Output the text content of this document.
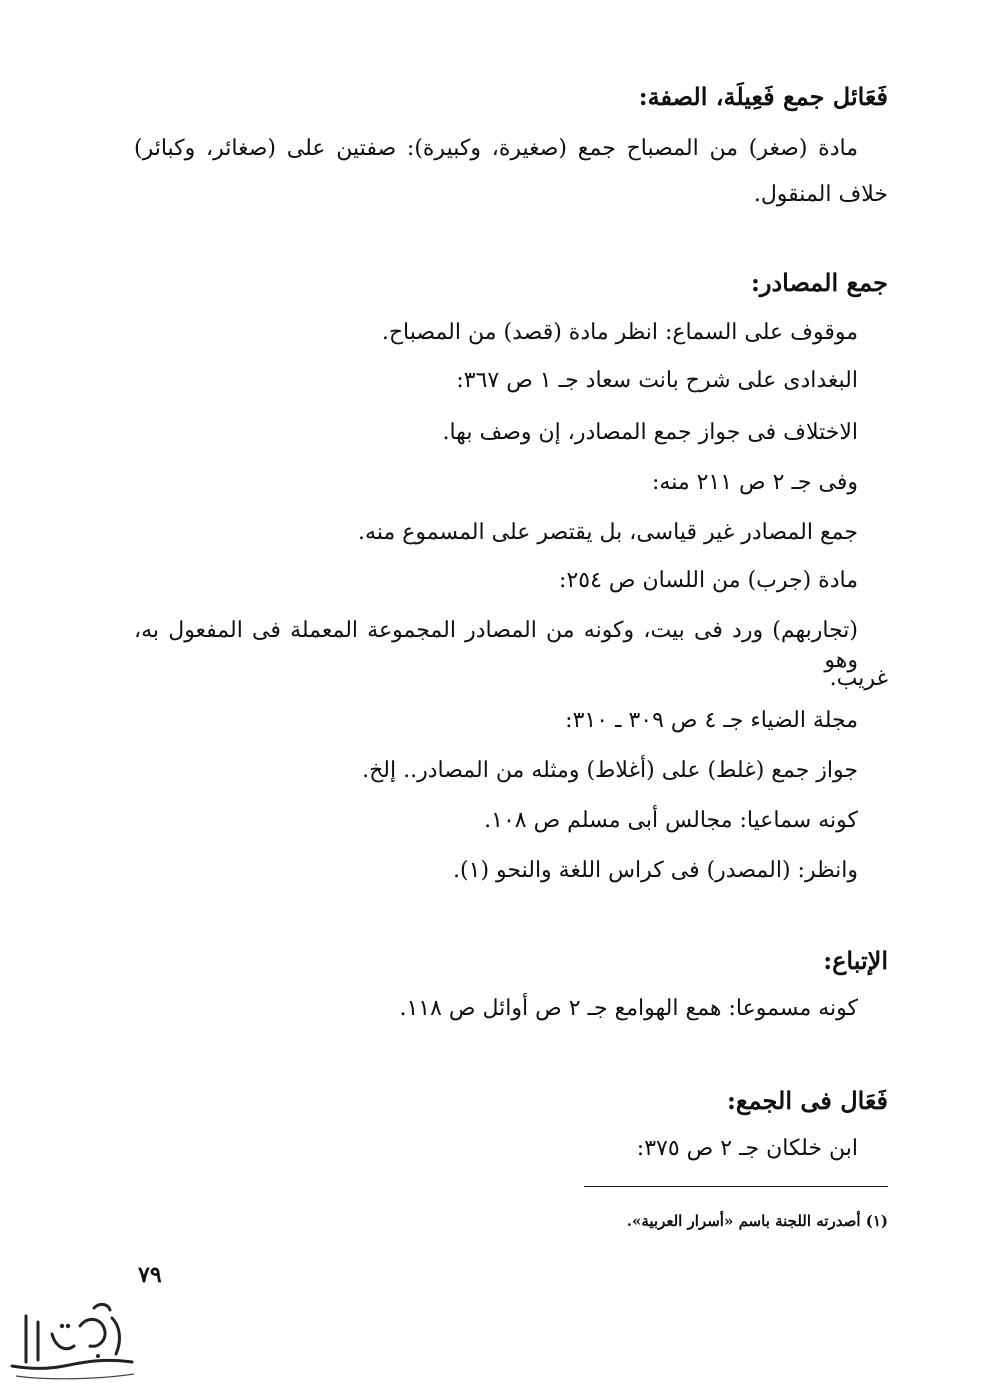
فَعَائل جمع فَعِيلَة، الصفة:
مادة (صغر) من المصباح جمع (صغيرة، وكبيرة): صفتين على (صغائر، وكبائر)
خلاف المنقول.
جمع المصادر:
موقوف على السماع: انظر مادة (قصد) من المصباح.
البغدادى على شرح بانت سعاد جـ ١ ص ٣٦٧:
الاختلاف فى جواز جمع المصادر، إن وصف بها.
وفى جـ ٢ ص ٢١١ منه:
جمع المصادر غير قياسى، بل يقتصر على المسموع منه.
مادة (جرب) من اللسان ص ٢٥٤:
(تجاربهم) ورد فى بيت، وكونه من المصادر المجموعة المعملة فى المفعول به، وهو
غريب.
مجلة الضياء جـ ٤ ص ٣٠٩ ـ ٣١٠:
جواز جمع (غلط) على (أغلاط) ومثله من المصادر.. إلخ.
كونه سماعيا: مجالس أبى مسلم ص ١٠٨.
وانظر: (المصدر) فى كراس اللغة والنحو (١).
الإتباع:
كونه مسموعا: همع الهوامع جـ ٢ ص أوائل ص ١١٨.
فَعَال فى الجمع:
ابن خلكان جـ ٢ ص ٣٧٥:
(١) أصدرته اللجنة باسم «أسرار العربية».
٧٩
